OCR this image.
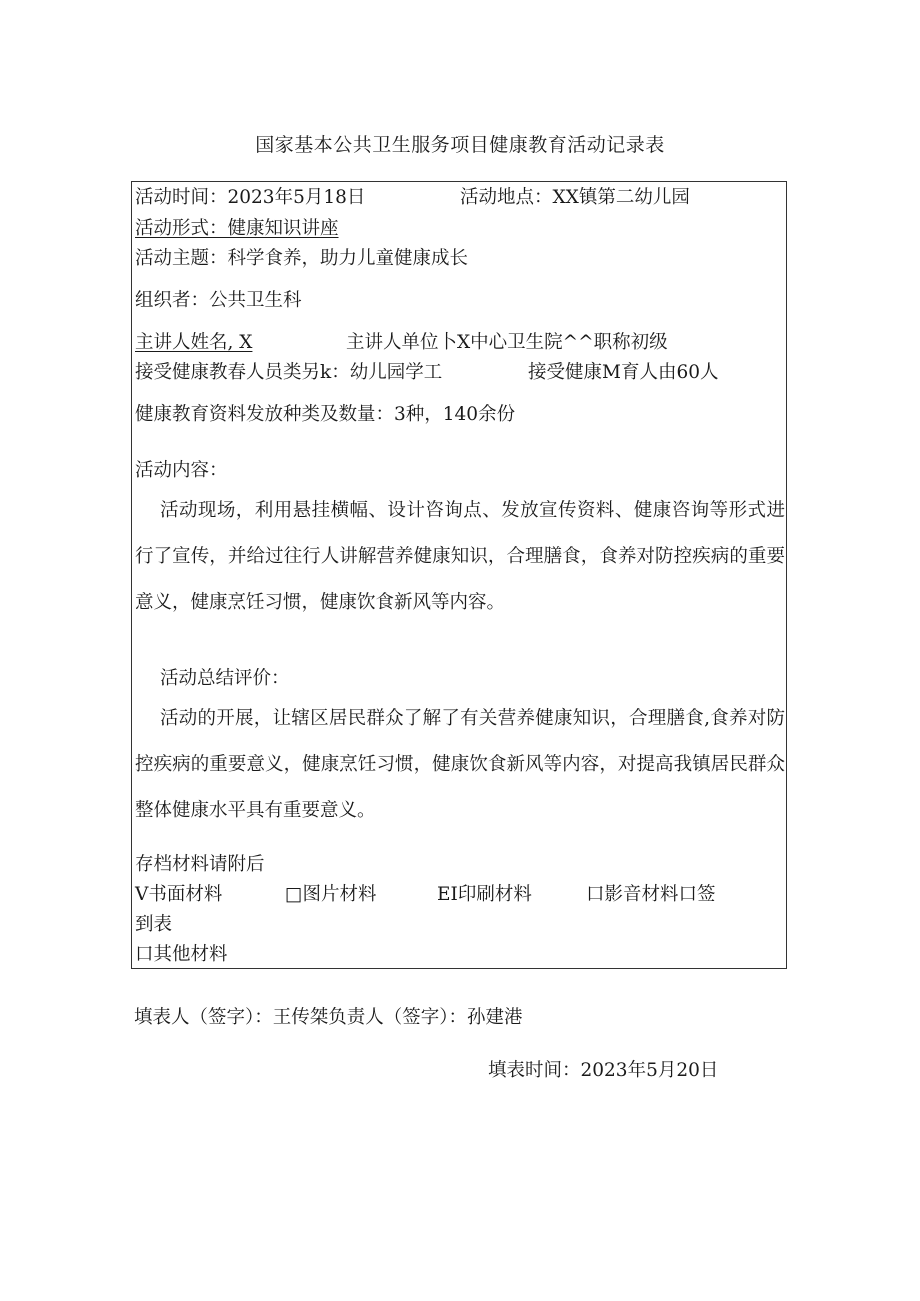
国家基本公共卫生服务项目健康教育活动记录表
活动时间：2023年5月18日	活动地点：XX镇第二幼儿园
活动形式：健康知识讲座
活动主题：科学食养，助力儿童健康成长
组织者：公共卫生科
主讲人姓名, X	主讲人单位卜X中心卫生院^^职称初级
接受健康教春人员类另k：幼儿园学工	接受健康M育人由60人
健康教育资料发放种类及数量：3种，140余份
活动内容：
活动现场，利用悬挂横幅、设计咨询点、发放宣传资料、健康咨询等形式进行了宣传，并给过往行人讲解营养健康知识，合理膳食，食养对防控疾病的重要意义，健康烹饪习惯，健康饮食新风等内容。
活动总结评价：
活动的开展，让辖区居民群众了解了有关营养健康知识，合理膳食,食养对防控疾病的重要意义，健康烹饪习惯，健康饮食新风等内容，对提高我镇居民群众整体健康水平具有重要意义。
存档材料请附后
V书面材料	□图片材料	EI印刷材料	口影音材料口签
到表
口其他材料
填表人（签字）：王传桀负责人（签字）：孙建港
填表时间：2023年5月20日
